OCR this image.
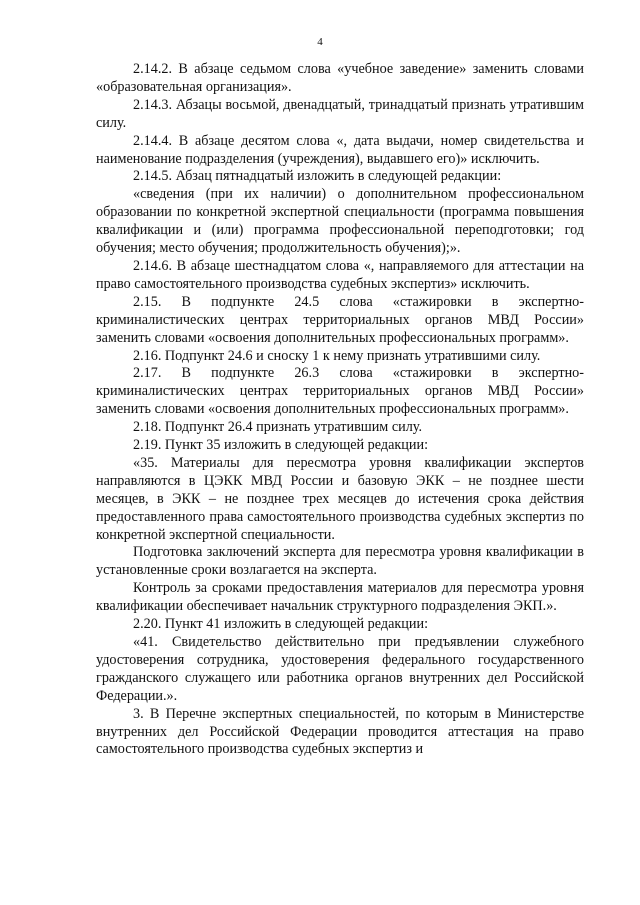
4

2.14.2. В абзаце седьмом слова «учебное заведение» заменить словами «образовательная организация».

2.14.3. Абзацы восьмой, двенадцатый, тринадцатый признать утратившим силу.

2.14.4. В абзаце десятом слова «, дата выдачи, номер свидетельства и наименование подразделения (учреждения), выдавшего его)» исключить.

2.14.5. Абзац пятнадцатый изложить в следующей редакции:

«сведения (при их наличии) о дополнительном профессиональном образовании по конкретной экспертной специальности (программа повышения квалификации и (или) программа профессиональной переподготовки; год обучения; место обучения; продолжительность обучения);».

2.14.6. В абзаце шестнадцатом слова «, направляемого для аттестации на право самостоятельного производства судебных экспертиз» исключить.

2.15. В подпункте 24.5 слова «стажировки в экспертно-криминалистических центрах территориальных органов МВД России» заменить словами «освоения дополнительных профессиональных программ».

2.16. Подпункт 24.6 и сноску 1 к нему признать утратившими силу.

2.17. В подпункте 26.3 слова «стажировки в экспертно-криминалистических центрах территориальных органов МВД России» заменить словами «освоения дополнительных профессиональных программ».

2.18. Подпункт 26.4 признать утратившим силу.

2.19. Пункт 35 изложить в следующей редакции:

«35. Материалы для пересмотра уровня квалификации экспертов направляются в ЦЭКК МВД России и базовую ЭКК – не позднее шести месяцев, в ЭКК – не позднее трех месяцев до истечения срока действия предоставленного права самостоятельного производства судебных экспертиз по конкретной экспертной специальности.

Подготовка заключений эксперта для пересмотра уровня квалификации в установленные сроки возлагается на эксперта.

Контроль за сроками предоставления материалов для пересмотра уровня квалификации обеспечивает начальник структурного подразделения ЭКП.».

2.20. Пункт 41 изложить в следующей редакции:

«41. Свидетельство действительно при предъявлении служебного удостоверения сотрудника, удостоверения федерального государственного гражданского служащего или работника органов внутренних дел Российской Федерации.».

3. В Перечне экспертных специальностей, по которым в Министерстве внутренних дел Российской Федерации проводится аттестация на право самостоятельного производства судебных экспертиз и
